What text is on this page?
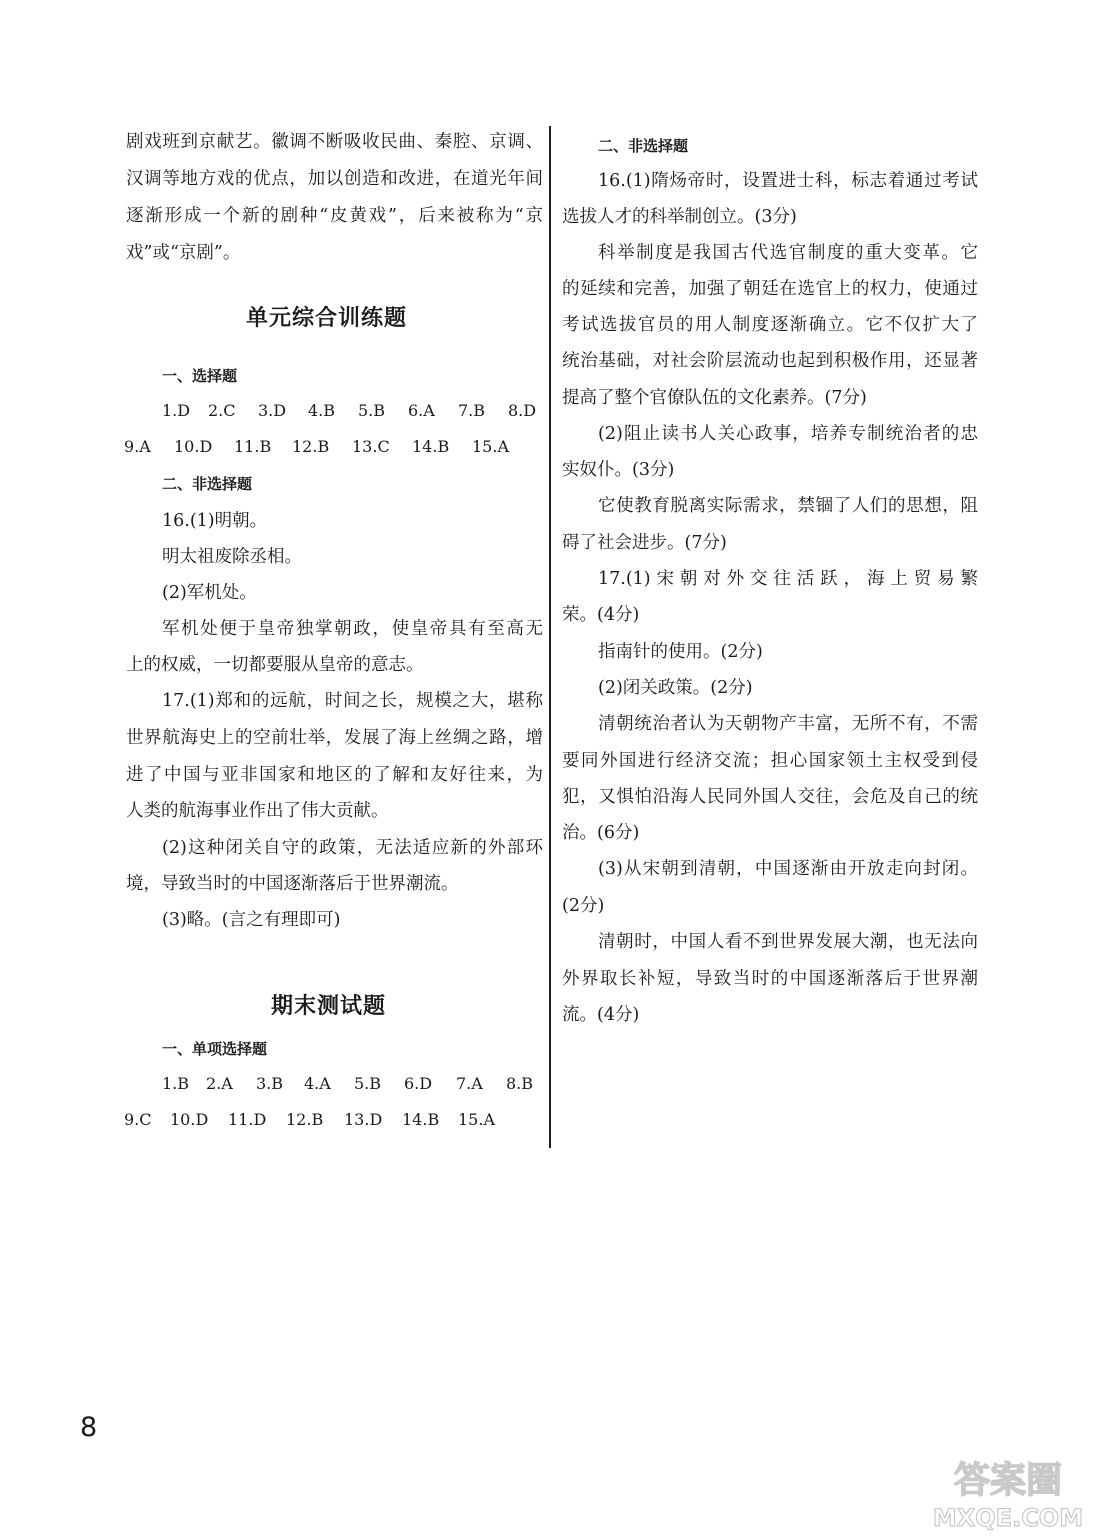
剧戏班到京献艺。徽调不断吸收民曲、秦腔、京调、
汉调等地方戏的优点，加以创造和改进，在道光年间
逐渐形成一个新的剧种“皮黄戏”，后来被称为“京
戏”或“京剧”。
单元综合训练题
一、选择题
1.D 2.C 3.D 4.B 5.B 6.A 7.B 8.D
9.A 10.D 11.B 12.B 13.C 14.B 15.A
二、非选择题
16.(1)明朝。
明太祖废除丞相。
(2)军机处。
军机处便于皇帝独掌朝政，使皇帝具有至高无
上的权威，一切都要服从皇帝的意志。
17.(1)郑和的远航，时间之长，规模之大，堪称
世界航海史上的空前壮举，发展了海上丝绸之路，增
进了中国与亚非国家和地区的了解和友好往来，为
人类的航海事业作出了伟大贡献。
(2)这种闭关自守的政策，无法适应新的外部环
境，导致当时的中国逐渐落后于世界潮流。
(3)略。(言之有理即可)
期末测试题
一、单项选择题
1.B 2.A 3.B 4.A 5.B 6.D 7.A 8.B
9.C 10.D 11.D 12.B 13.D 14.B 15.A
二、非选择题
16.(1)隋炀帝时，设置进士科，标志着通过考试
选拔人才的科举制创立。(3分)
科举制度是我国古代选官制度的重大变革。它
的延续和完善，加强了朝廷在选官上的权力，使通过
考试选拔官员的用人制度逐渐确立。它不仅扩大了
统治基础，对社会阶层流动也起到积极作用，还显著
提高了整个官僚队伍的文化素养。(7分)
(2)阻止读书人关心政事，培养专制统治者的忠
实奴仆。(3分)
它使教育脱离实际需求，禁锢了人们的思想，阻
碍了社会进步。(7分)
17.(1)宋朝对外交往活跃，海上贸易繁
荣。(4分)
指南针的使用。(2分)
(2)闭关政策。(2分)
清朝统治者认为天朝物产丰富，无所不有，不需
要同外国进行经济交流；担心国家领土主权受到侵
犯，又惧怕沿海人民同外国人交往，会危及自己的统
治。(6分)
(3)从宋朝到清朝，中国逐渐由开放走向封闭。
(2分)
清朝时，中国人看不到世界发展大潮，也无法向
外界取长补短，导致当时的中国逐渐落后于世界潮
流。(4分)
8
答案圈
MXQE.COM
